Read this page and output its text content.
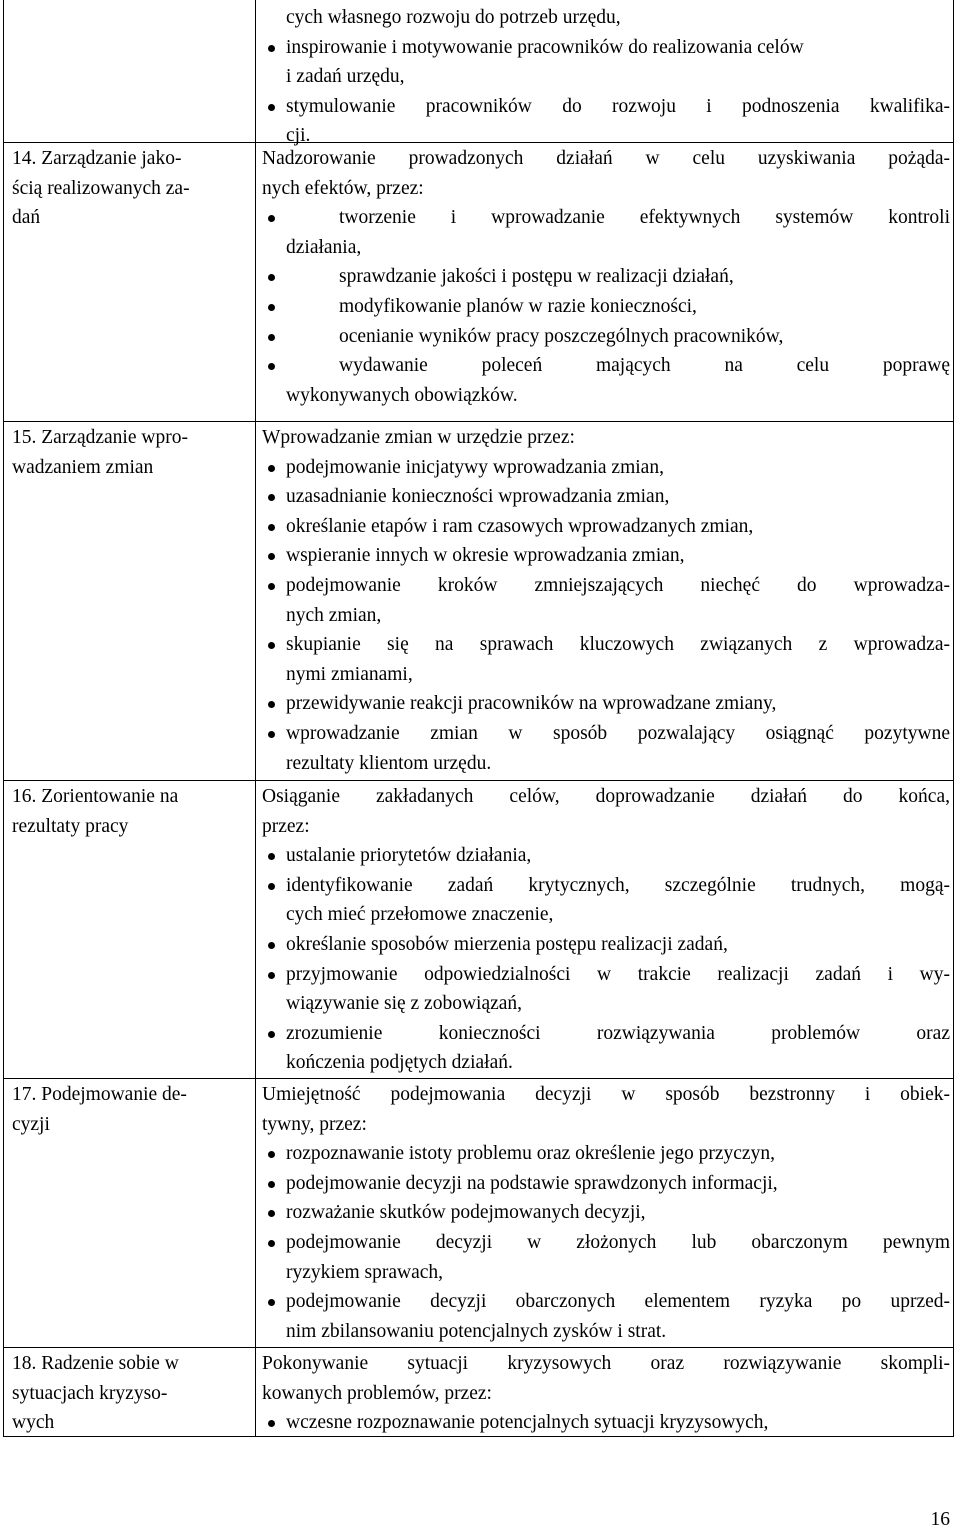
cych własnego rozwoju do potrzeb urzędu,
inspirowanie i motywowanie pracowników do realizowania celów
i zadań urzędu,
stymulowanie pracowników do rozwoju i podnoszenia kwalifika-
cji.
14. Zarządzanie jako-
ścią realizowanych za-
dań
Nadzorowanie prowadzonych działań w celu uzyskiwania pożąda-
nych efektów, przez:
tworzenie i wprowadzanie efektywnych systemów kontroli
działania,
sprawdzanie jakości i postępu w realizacji działań,
modyfikowanie planów w razie konieczności,
ocenianie wyników pracy poszczególnych pracowników,
wydawanie poleceń mających na celu poprawę
wykonywanych obowiązków.
15. Zarządzanie wpro-
wadzaniem zmian
Wprowadzanie zmian w urzędzie przez:
podejmowanie inicjatywy wprowadzania zmian,
uzasadnianie konieczności wprowadzania zmian,
określanie etapów i ram czasowych wprowadzanych zmian,
wspieranie innych w okresie wprowadzania zmian,
podejmowanie kroków zmniejszających niechęć do wprowadza-
nych zmian,
skupianie się na sprawach kluczowych związanych z wprowadza-
nymi zmianami,
przewidywanie reakcji pracowników na wprowadzane zmiany,
wprowadzanie zmian w sposób pozwalający osiągnąć pozytywne
rezultaty klientom urzędu.
16. Zorientowanie na
rezultaty pracy
Osiąganie zakładanych celów, doprowadzanie działań do końca,
przez:
ustalanie priorytetów działania,
identyfikowanie zadań krytycznych, szczególnie trudnych, mogą-
cych mieć przełomowe znaczenie,
określanie sposobów mierzenia postępu realizacji zadań,
przyjmowanie odpowiedzialności w trakcie realizacji zadań i wy-
wiązywanie się z zobowiązań,
zrozumienie konieczności rozwiązywania problemów oraz
kończenia podjętych działań.
17. Podejmowanie de-
cyzji
Umiejętność podejmowania decyzji w sposób bezstronny i obiek-
tywny, przez:
rozpoznawanie istoty problemu oraz określenie jego przyczyn,
podejmowanie decyzji na podstawie sprawdzonych informacji,
rozważanie skutków podejmowanych decyzji,
podejmowanie decyzji w złożonych lub obarczonym pewnym
ryzykiem sprawach,
podejmowanie decyzji obarczonych elementem ryzyka po uprzed-
nim zbilansowaniu potencjalnych zysków i strat.
18. Radzenie sobie w
sytuacjach kryzyso-
wych
Pokonywanie sytuacji kryzysowych oraz rozwiązywanie skompli-
kowanych problemów, przez:
wczesne rozpoznawanie potencjalnych sytuacji kryzysowych,
16
